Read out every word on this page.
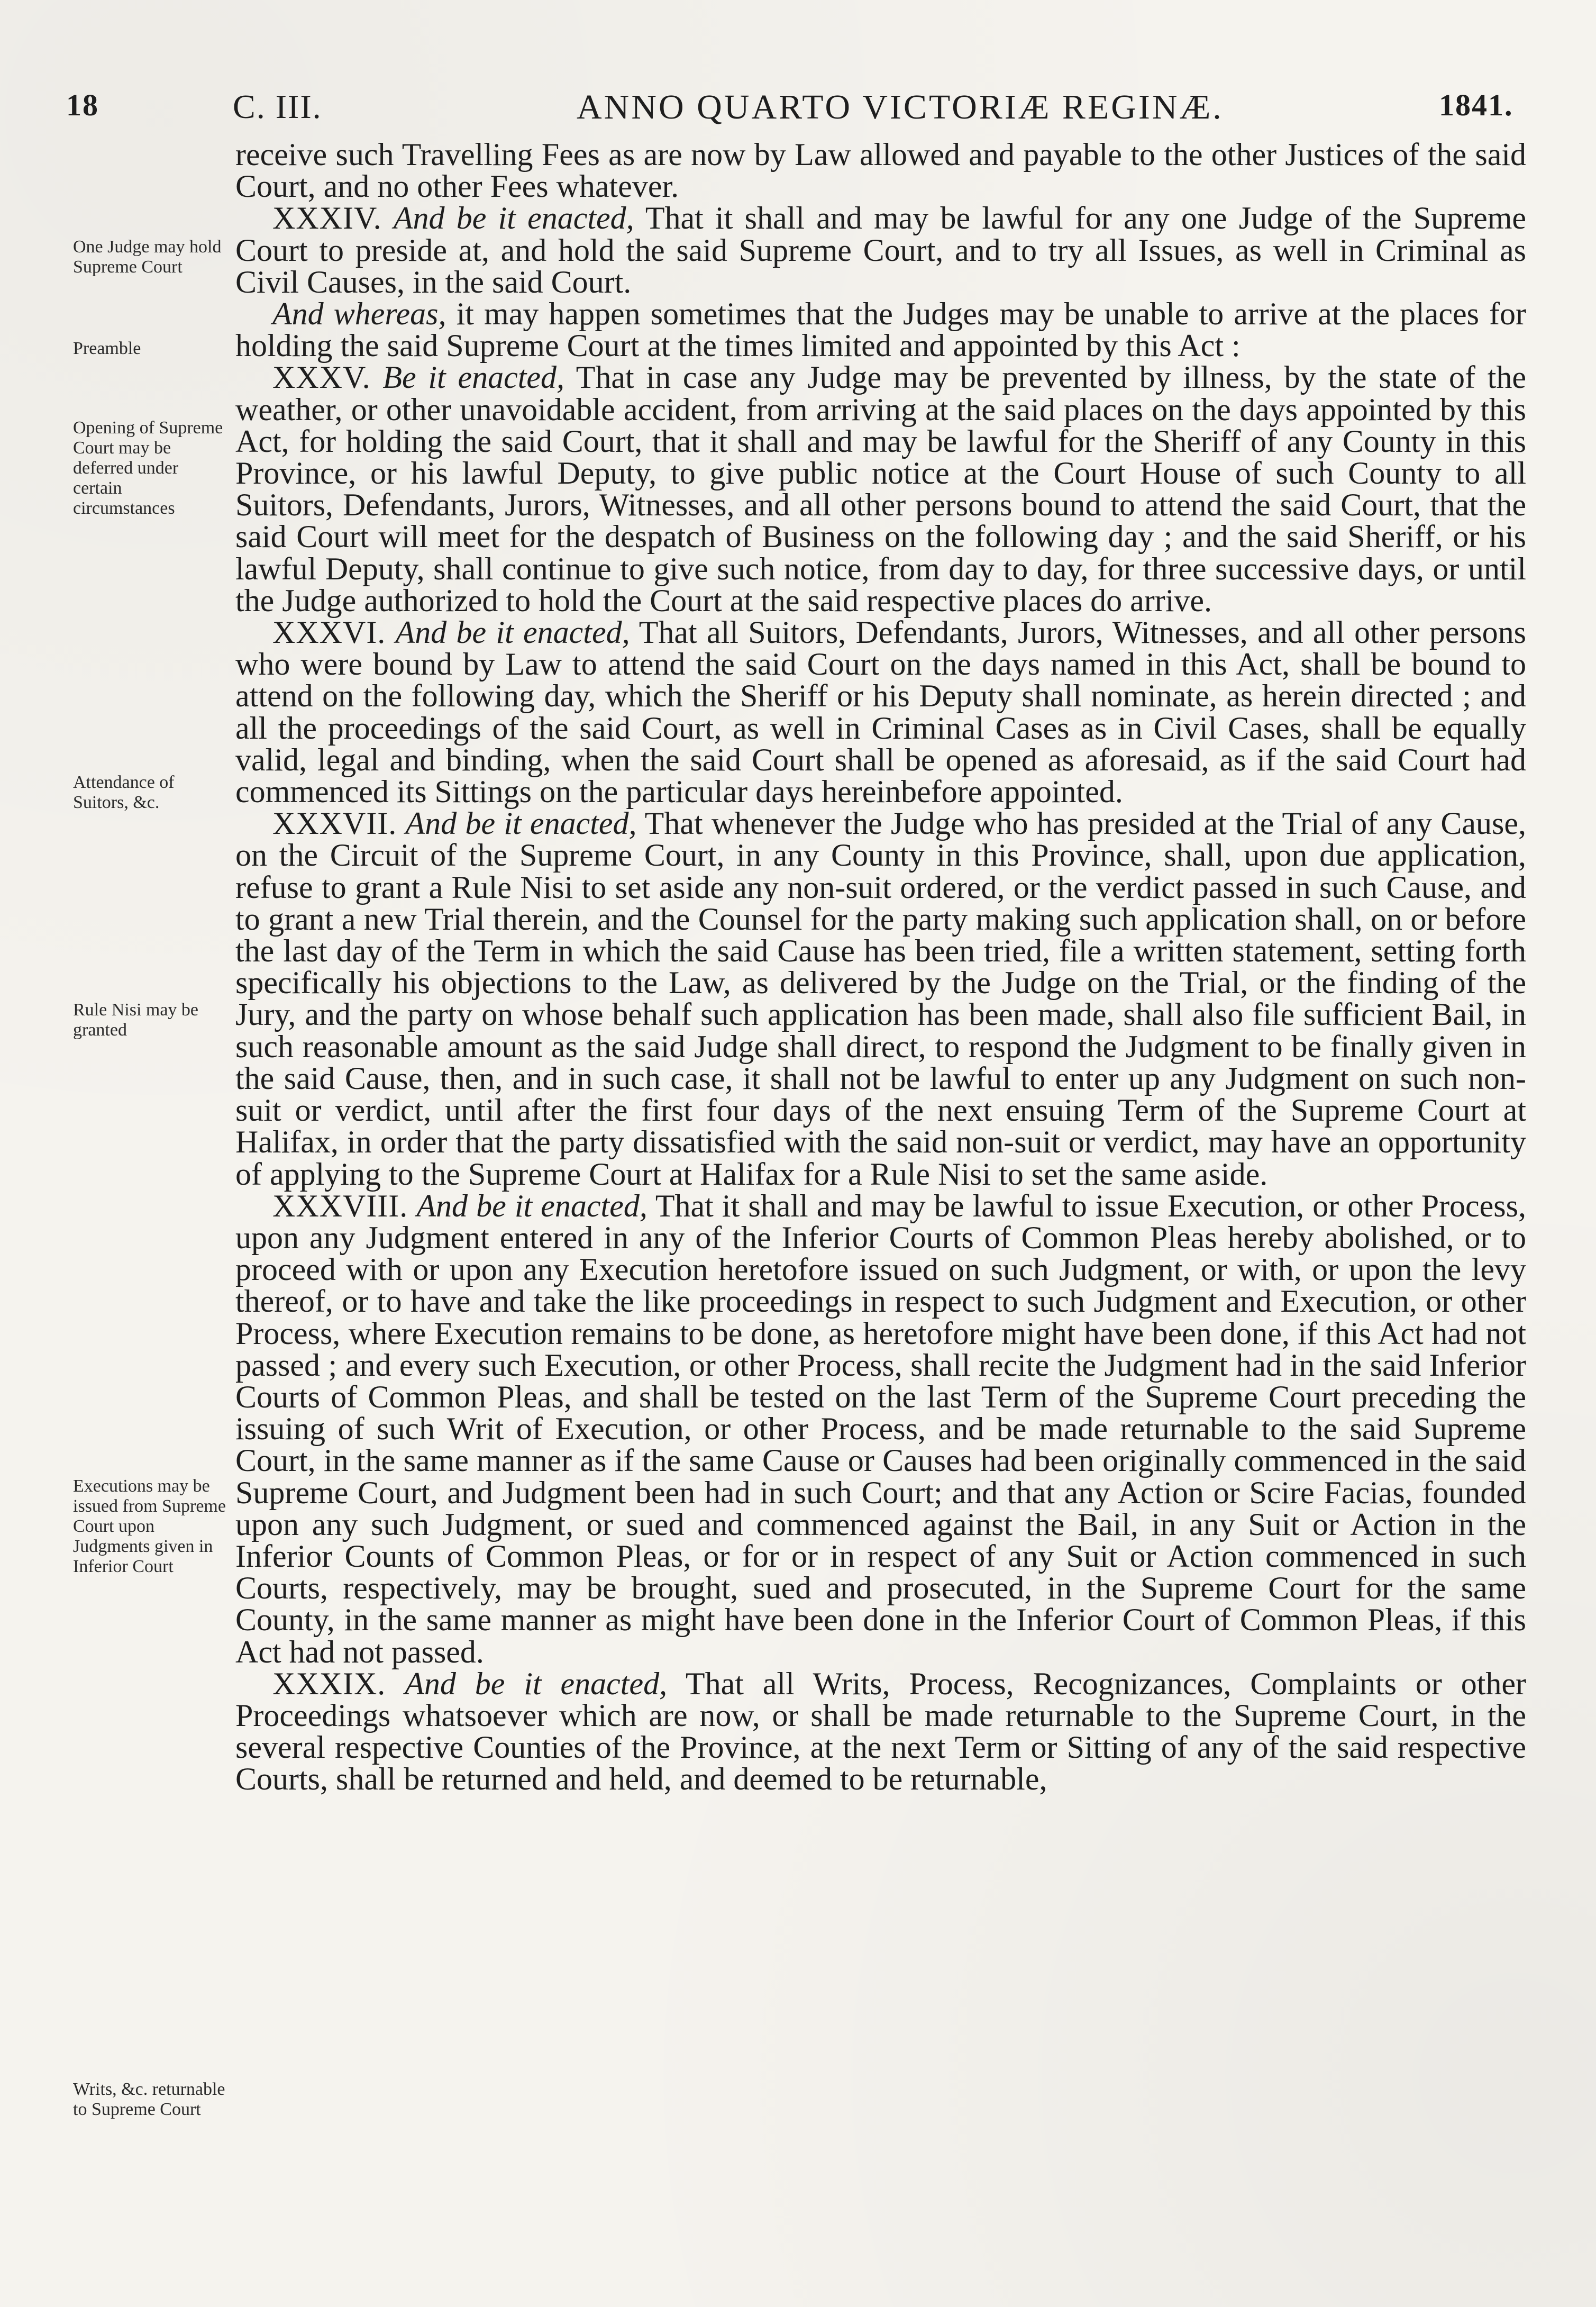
18	C. III.	ANNO QUARTO VICTORIÆ REGINÆ.	1841.
One Judge may hold Supreme Court
Preamble
Opening of Supreme Court may be deferred under certain circumstances
Attendance of Suitors, &c.
Rule Nisi may be granted
Executions may be issued from Supreme Court upon Judgments given in Inferior Court
Writs, &c. returnable to Supreme Court

receive such Travelling Fees as are now by Law allowed and payable to the other Justices of the said Court, and no other Fees whatever.

XXXIV. And be it enacted, That it shall and may be lawful for any one Judge of the Supreme Court to preside at, and hold the said Supreme Court, and to try all Issues, as well in Criminal as Civil Causes, in the said Court.

And whereas, it may happen sometimes that the Judges may be unable to arrive at the places for holding the said Supreme Court at the times limited and appointed by this Act :

XXXV. Be it enacted, That in case any Judge may be prevented by illness, by the state of the weather, or other unavoidable accident, from arriving at the said places on the days appointed by this Act, for holding the said Court, that it shall and may be lawful for the Sheriff of any County in this Province, or his lawful Deputy, to give public notice at the Court House of such County to all Suitors, Defendants, Jurors, Witnesses, and all other persons bound to attend the said Court, that the said Court will meet for the despatch of Business on the following day ; and the said Sheriff, or his lawful Deputy, shall continue to give such notice, from day to day, for three successive days, or until the Judge authorized to hold the Court at the said respective places do arrive.

XXXVI. And be it enacted, That all Suitors, Defendants, Jurors, Witnesses, and all other persons who were bound by Law to attend the said Court on the days named in this Act, shall be bound to attend on the following day, which the Sheriff or his Deputy shall nominate, as herein directed ; and all the proceedings of the said Court, as well in Criminal Cases as in Civil Cases, shall be equally valid, legal and binding, when the said Court shall be opened as aforesaid, as if the said Court had commenced its Sittings on the particular days hereinbefore appointed.

XXXVII. And be it enacted, That whenever the Judge who has presided at the Trial of any Cause, on the Circuit of the Supreme Court, in any County in this Province, shall, upon due application, refuse to grant a Rule Nisi to set aside any non-suit ordered, or the verdict passed in such Cause, and to grant a new Trial therein, and the Counsel for the party making such application shall, on or before the last day of the Term in which the said Cause has been tried, file a written statement, setting forth specifically his objections to the Law, as delivered by the Judge on the Trial, or the finding of the Jury, and the party on whose behalf such application has been made, shall also file sufficient Bail, in such reasonable amount as the said Judge shall direct, to respond the Judgment to be finally given in the said Cause, then, and in such case, it shall not be lawful to enter up any Judgment on such non-suit or verdict, until after the first four days of the next ensuing Term of the Supreme Court at Halifax, in order that the party dissatisfied with the said non-suit or verdict, may have an opportunity of applying to the Supreme Court at Halifax for a Rule Nisi to set the same aside.

XXXVIII. And be it enacted, That it shall and may be lawful to issue Execution, or other Process, upon any Judgment entered in any of the Inferior Courts of Common Pleas hereby abolished, or to proceed with or upon any Execution heretofore issued on such Judgment, or with, or upon the levy thereof, or to have and take the like proceedings in respect to such Judgment and Execution, or other Process, where Execution remains to be done, as heretofore might have been done, if this Act had not passed ; and every such Execution, or other Process, shall recite the Judgment had in the said Inferior Courts of Common Pleas, and shall be tested on the last Term of the Supreme Court preceding the issuing of such Writ of Execution, or other Process, and be made returnable to the said Supreme Court, in the same manner as if the same Cause or Causes had been originally commenced in the said Supreme Court, and Judgment been had in such Court; and that any Action or Scire Facias, founded upon any such Judgment, or sued and commenced against the Bail, in any Suit or Action in the Inferior Counts of Common Pleas, or for or in respect of any Suit or Action commenced in such Courts, respectively, may be brought, sued and prosecuted, in the Supreme Court for the same County, in the same manner as might have been done in the Inferior Court of Common Pleas, if this Act had not passed.

XXXIX. And be it enacted, That all Writs, Process, Recognizances, Complaints or other Proceedings whatsoever which are now, or shall be made returnable to the Supreme Court, in the several respective Counties of the Province, at the next Term or Sitting of any of the said respective Courts, shall be returned and held, and deemed to be returnable,
